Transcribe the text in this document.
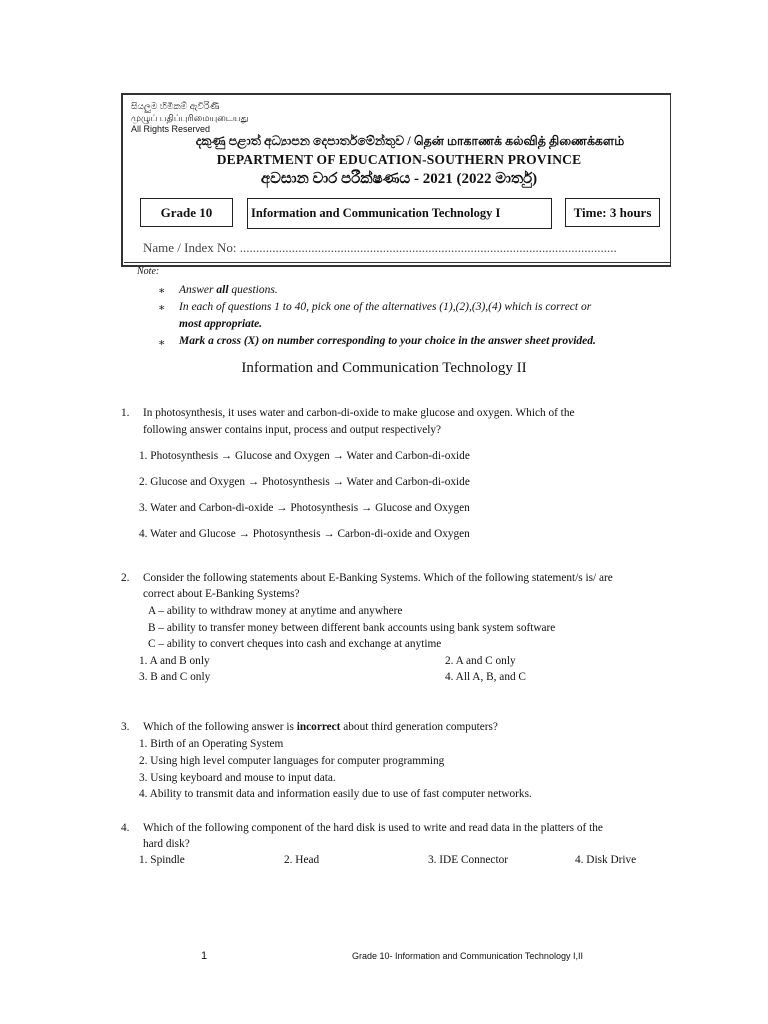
සියලුම හිමිකම් ඇවිරිණි
முழுப் பதிப்புரிமையுடையது
All Rights Reserved
දකුණු පළාත් අධ්‍යාපන දෙපාර්තමේන්තුව / தென் மாகாணக் கல்வித் திணைக்களம்
DEPARTMENT OF EDUCATION-SOUTHERN PROVINCE
අවසාන වාර පරීක්ෂණය - 2021 (2022 මාර්තු)
Grade 10	Information and Communication Technology I	Time: 3 hours
Name / Index No: ....................................................................................................................
Note:
∗ Answer all questions.
∗ In each of questions 1 to 40, pick one of the alternatives (1),(2),(3),(4) which is correct or
most appropriate.
∗ Mark a cross (X) on number corresponding to your choice in the answer sheet provided.
Information and Communication Technology II
1. In photosynthesis, it uses water and carbon-di-oxide to make glucose and oxygen. Which of the
following answer contains input, process and output respectively?
1. Photosynthesis → Glucose and Oxygen → Water and Carbon-di-oxide
2. Glucose and Oxygen → Photosynthesis → Water and Carbon-di-oxide
3. Water and Carbon-di-oxide → Photosynthesis → Glucose and Oxygen
4. Water and Glucose → Photosynthesis → Carbon-di-oxide and Oxygen
2. Consider the following statements about E-Banking Systems. Which of the following statement/s is/ are
correct about E-Banking Systems?
A – ability to withdraw money at anytime and anywhere
B – ability to transfer money between different bank accounts using bank system software
C – ability to convert cheques into cash and exchange at anytime
1. A and B only	2. A and C only
3. B and C only	4. All A, B, and C
3. Which of the following answer is incorrect about third generation computers?
1. Birth of an Operating System
2. Using high level computer languages for computer programming
3. Using keyboard and mouse to input data.
4. Ability to transmit data and information easily due to use of fast computer networks.
4. Which of the following component of the hard disk is used to write and read data in the platters of the
hard disk?
1. Spindle	2. Head	3. IDE Connector	4. Disk Drive
1	Grade 10- Information and Communication Technology I,II
